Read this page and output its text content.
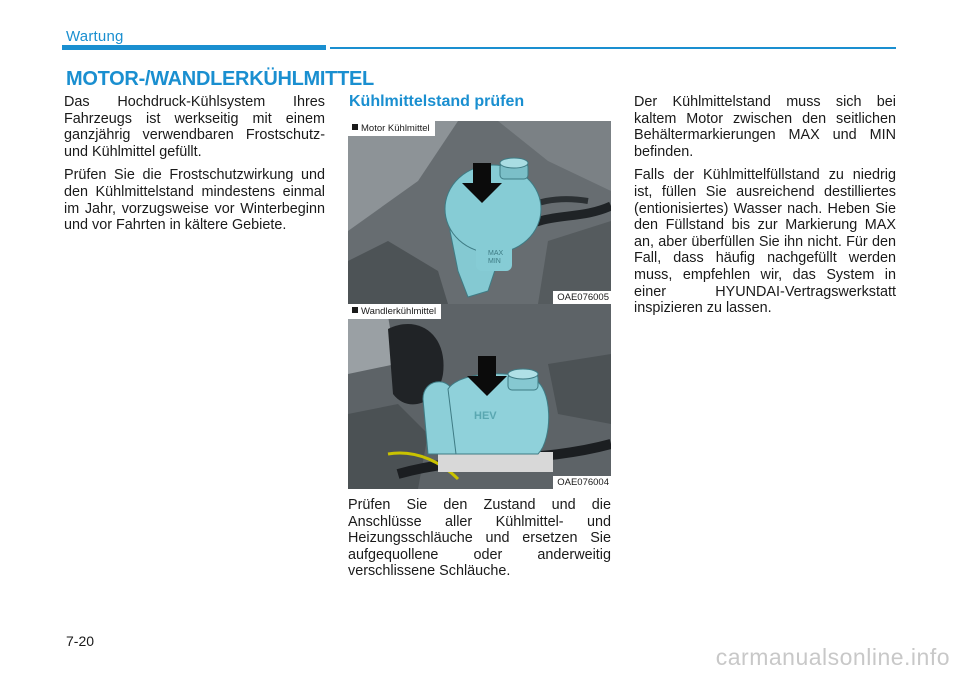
Wartung
MOTOR-/WANDLERKÜHLMITTEL

Das Hochdruck-Kühlsystem Ihres Fahrzeugs ist werkseitig mit einem ganzjährig verwendbaren Frostschutz- und Kühlmittel gefüllt.

Prüfen Sie die Frostschutzwirkung und den Kühlmittelstand mindestens einmal im Jahr, vorzugsweise vor Winterbeginn und vor Fahrten in kältere Gebiete.

Kühlmittelstand prüfen
MAX
MIN
Motor Kühlmittel
OAE076005
HEV
Wandlerkühlmittel
OAE076004

Prüfen Sie den Zustand und die Anschlüsse aller Kühlmittel- und Heizungsschläuche und ersetzen Sie aufgequollene oder anderweitig verschlissene Schläuche.

Der Kühlmittelstand muss sich bei kaltem Motor zwischen den seitlichen Behältermarkierungen MAX und MIN befinden.

Falls der Kühlmittelfüllstand zu niedrig ist, füllen Sie ausreichend destilliertes (entionisiertes) Wasser nach. Heben Sie den Füllstand bis zur Markierung MAX an, aber überfüllen Sie ihn nicht. Für den Fall, dass häufig nachgefüllt werden muss, empfehlen wir, das System in einer HYUNDAI-Vertragswerkstatt inspizieren zu lassen.

7-20
carmanualsonline.info
